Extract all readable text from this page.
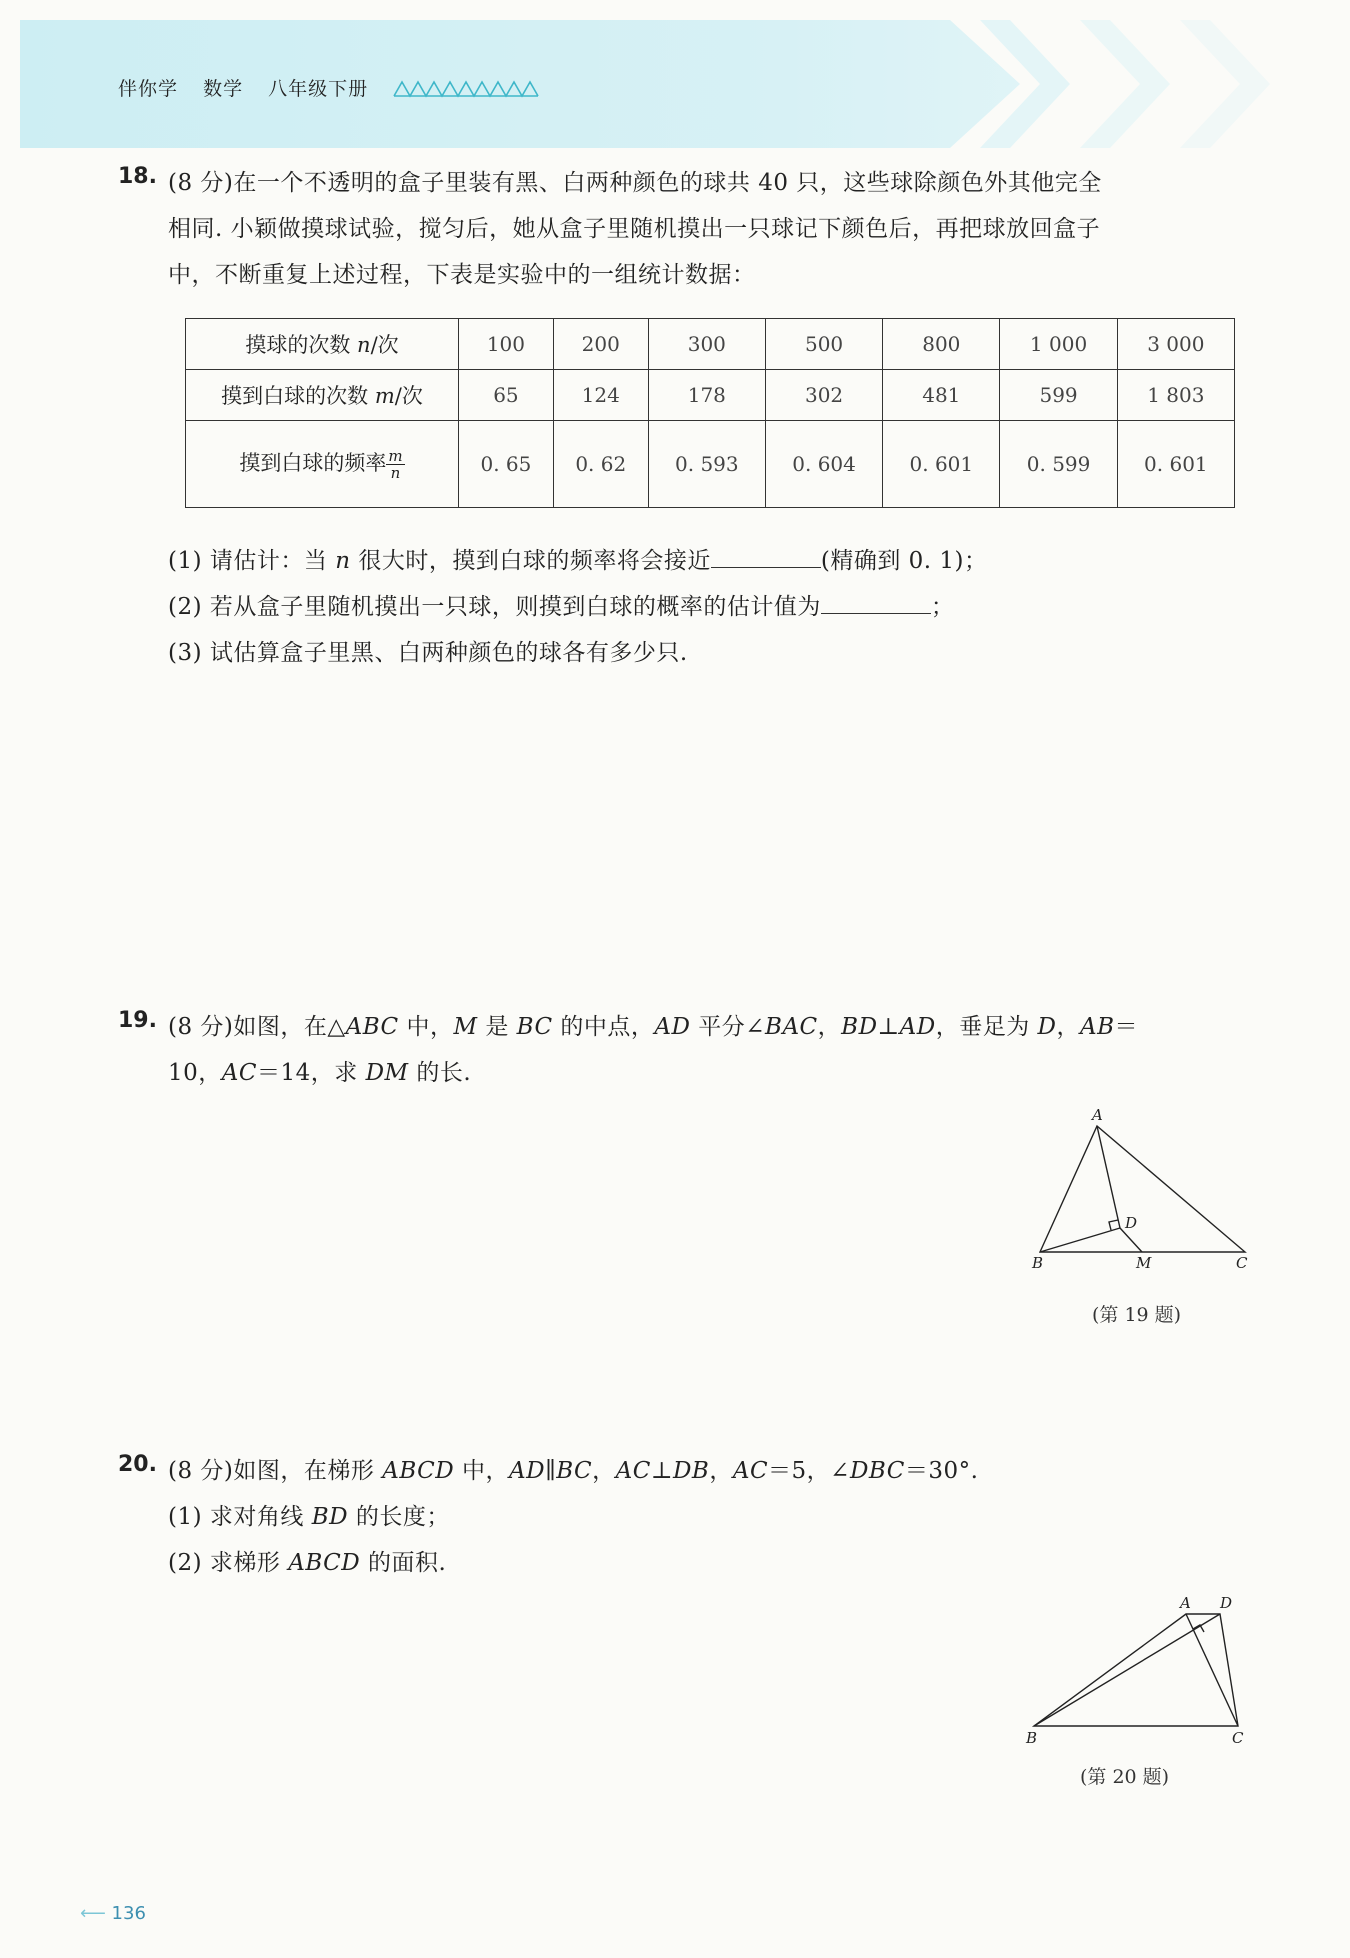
伴你学 数学 八年级下册
18. (8 分)在一个不透明的盒子里装有黑、白两种颜色的球共 40 只，这些球除颜色外其他完全
相同. 小颖做摸球试验，搅匀后，她从盒子里随机摸出一只球记下颜色后，再把球放回盒子
中，不断重复上述过程，下表是实验中的一组统计数据：
摸球的次数 n/次	100	200	300	500	800	1 000	3 000
摸到白球的次数 m/次	65	124	178	302	481	599	1 803
摸到白球的频率 $\frac{m}{n}$	0. 65	0. 62	0. 593	0. 604	0. 601	0. 599	0. 601
(1) 请估计：当 n 很大时，摸到白球的频率将会接近	(精确到 0. 1)；
(2) 若从盒子里随机摸出一只球，则摸到白球的概率的估计值为	；
(3) 试估算盒子里黑、白两种颜色的球各有多少只.
19. (8 分)如图，在△ABC 中，M 是 BC 的中点，AD 平分∠BAC，BD⊥AD，垂足为 D，AB＝
10，AC＝14，求 DM 的长.
A
B	C
D
M
(第 19 题)
20. (8 分)如图，在梯形 ABCD 中，AD∥BC，AC⊥DB，AC＝5，∠DBC＝30°.
(1) 求对角线 BD 的长度；
(2) 求梯形 ABCD 的面积.
A D
B	C
(第 20 题)
⟵ 136
